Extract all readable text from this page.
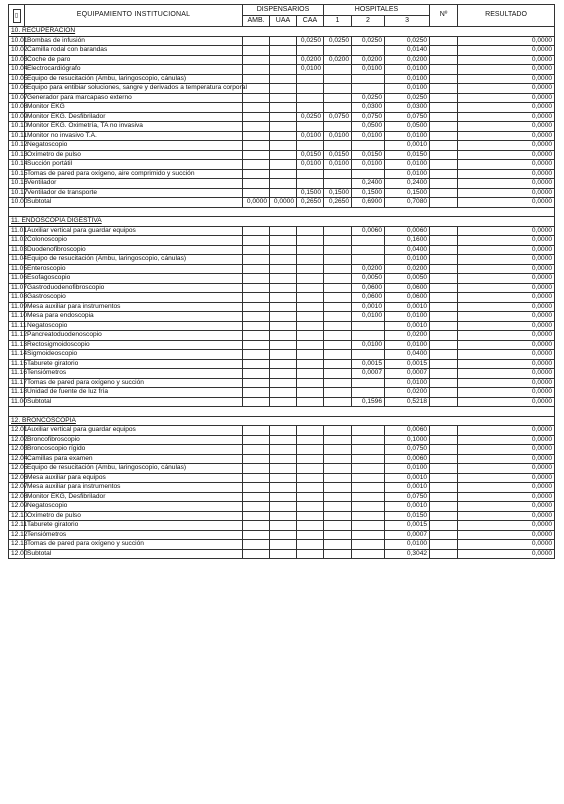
▯	EQUIPAMIENTO INSTITUCIONAL	DISPENSARIOS			HOSPITALES			Nº	RESULTADO
		AMB.	UAA	CAA	1	2	3		
10. RECUPERACION									
10.01	Bombas de infusión			0,0250	0,0250	0,0250	0,0250		0,0000
10.02	Camilla rodal con barandas						0,0140		0,0000
10.03	Coche de paro			0,0200	0,0200	0,0200	0,0200		0,0000
10.04	Electrocardiógrafo			0,0100		0,0100	0,0100		0,0000
10.05	Equipo de resucitación (Ambu, laringoscopio, cánulas)						0,0100		0,0000
10.06	Equipo para entibiar soluciones, sangre y derivados a temperatura corporal						0,0100		0,0000
10.07	Generador para marcapaso externo					0,0250	0,0250		0,0000
10.08	Monitor EKG					0,0300	0,0300		0,0000
10.09	Monitor EKG. Desfibrilador			0,0250	0,0750	0,0750	0,0750		0,0000
10.10	Monitor EKG. Oximetría, TA no invasiva					0,0500	0,0500		0,0000
10.11	Monitor no invasivo T.A.			0,0100	0,0100	0,0100	0,0100		0,0000
10.12	Negatoscopio						0,0010		0,0000
10.13	Oxímetro de pulso			0,0150	0,0150	0,0150	0,0150		0,0000
10.14	Succión portátil			0,0100	0,0100	0,0100	0,0100		0,0000
10.15	Tomas de pared para oxígeno, aire comprimido y succión						0,0100		0,0000
10.16	Ventilador					0,2400	0,2400		0,0000
10.17	Ventilador de transporte			0,1500	0,1500	0,1500	0,1500		0,0000
10.00	Subtotal	0,0000	0,0000	0,2650	0,2650	0,6900	0,7080		0,0000

11. ENDOSCOPIA DIGESTIVA									
11.01	Auxiliar vertical para guardar equipos					0,0060	0,0060		0,0000
11.02	Colonoscopio						0,1600		0,0000
11.03	Duodenofibroscopio						0,0400		0,0000
11.04	Equipo de resucitación (Ambu, laringoscopio, cánulas)						0,0100		0,0000
11.05	Enteroscopio					0,0200	0,0200		0,0000
11.06	Esofagoscopio					0,0050	0,0050		0,0000
11.07	Gastroduodenofibroscopio					0,0600	0,0600		0,0000
11.08	Gastroscopio					0,0600	0,0600		0,0000
11.09	Mesa auxiliar para instrumentos					0,0010	0,0010		0,0000
11.10	Mesa para endoscopia					0,0100	0,0100		0,0000
11.11	Negatoscopio						0,0010		0,0000
11.12	Pancreatoduodenoscopio						0,0200		0,0000
11.13	Rectosigmoidoscopio					0,0100	0,0100		0,0000
11.14	Sigmoideoscopio						0,0400		0,0000
11.15	Taburete giratorio					0,0015	0,0015		0,0000
11.16	Tensiómetros					0,0007	0,0007		0,0000
11.17	Tomas de pared para oxígeno y succión						0,0100		0,0000
11.18	Unidad de fuente de luz fría						0,0200		0,0000
11.00	Subtotal					0,1596	0,5218		0,0000

12. BRONCOSCOPIA									
12.01	Auxiliar vertical para guardar equipos						0,0060		0,0000
12.02	Broncofibroscopio						0,1000		0,0000
12.03	Broncoscopio rígido						0,0750		0,0000
12.04	Camillas para examen						0,0060		0,0000
12.05	Equipo de resucitación (Ambu, laringoscopio, cánulas)						0,0100		0,0000
12.06	Mesa auxiliar para equipos						0,0010		0,0000
12.07	Mesa auxiliar para instrumentos						0,0010		0,0000
12.08	Monitor EKG, Desfibrilador						0,0750		0,0000
12.09	Negatoscopio						0,0010		0,0000
12.10	Oxímetro de pulso						0,0150		0,0000
12.11	Taburete giratorio						0,0015		0,0000
12.12	Tensiómetros						0,0007		0,0000
12.13	Tomas de pared para oxígeno y succión						0,0100		0,0000
12.00	Subtotal						0,3042		0,0000
